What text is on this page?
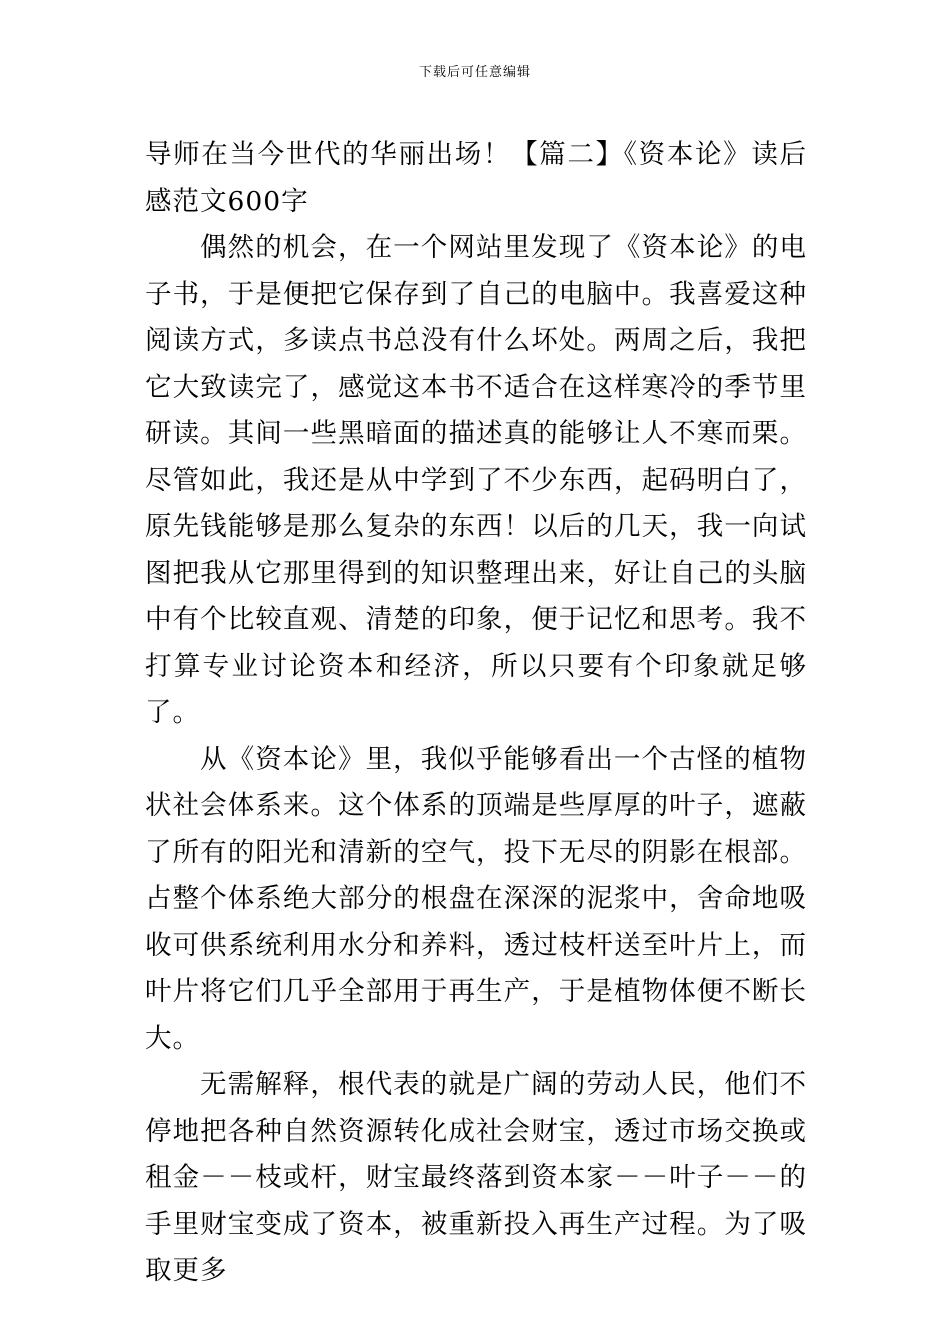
下载后可任意编辑

导师在当今世代的华丽出场！【篇二】《资本论》读后感范文600字

偶然的机会，在一个网站里发现了《资本论》的电子书，于是便把它保存到了自己的电脑中。我喜爱这种阅读方式，多读点书总没有什么坏处。两周之后，我把它大致读完了，感觉这本书不适合在这样寒冷的季节里研读。其间一些黑暗面的描述真的能够让人不寒而栗。尽管如此，我还是从中学到了不少东西，起码明白了，原先钱能够是那么复杂的东西！以后的几天，我一向试图把我从它那里得到的知识整理出来，好让自己的头脑中有个比较直观、清楚的印象，便于记忆和思考。我不打算专业讨论资本和经济，所以只要有个印象就足够了。

从《资本论》里，我似乎能够看出一个古怪的植物状社会体系来。这个体系的顶端是些厚厚的叶子，遮蔽了所有的阳光和清新的空气，投下无尽的阴影在根部。占整个体系绝大部分的根盘在深深的泥浆中，舍命地吸收可供系统利用水分和养料，透过枝杆送至叶片上，而叶片将它们几乎全部用于再生产，于是植物体便不断长大。

无需解释，根代表的就是广阔的劳动人民，他们不停地把各种自然资源转化成社会财宝，透过市场交换或租金－－枝或杆，财宝最终落到资本家－－叶子－－的手里财宝变成了资本，被重新投入再生产过程。为了吸取更多
